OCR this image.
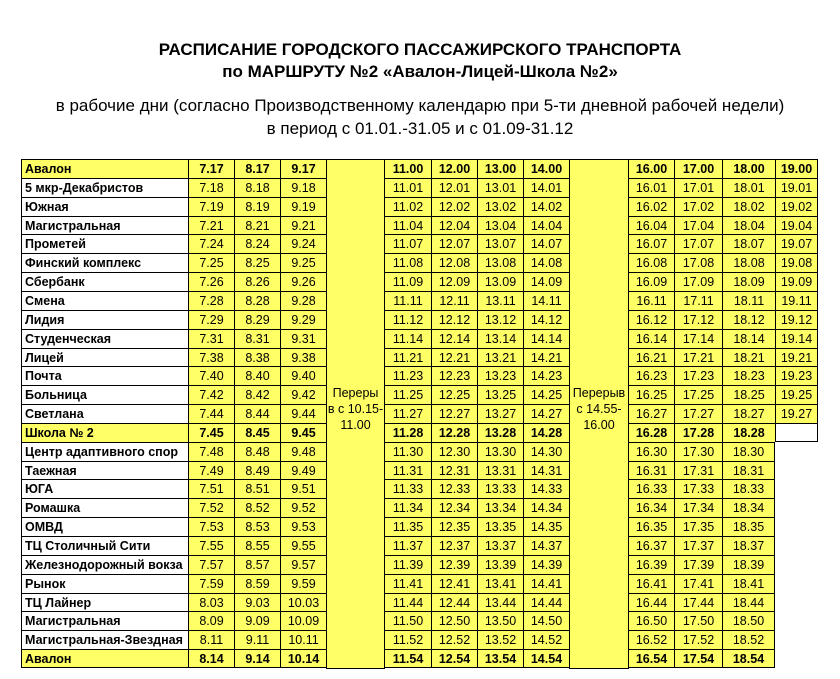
РАСПИСАНИЕ ГОРОДСКОГО ПАССАЖИРСКОГО ТРАНСПОРТА
по МАРШРУТУ №2 «Авалон-Лицей-Школа №2»
в рабочие дни (согласно Производственному календарю при 5-ти дневной рабочей недели)
в период с 01.01.-31.05 и с 01.09-31.12
Авалон	7.17	8.17	9.17	11.00	12.00	13.00	14.00	16.00	17.00	18.00	19.00
5 мкр-Декабристов	7.18	8.18	9.18	11.01	12.01	13.01	14.01	16.01	17.01	18.01	19.01
Южная	7.19	8.19	9.19	11.02	12.02	13.02	14.02	16.02	17.02	18.02	19.02
Магистральная	7.21	8.21	9.21	11.04	12.04	13.04	14.04	16.04	17.04	18.04	19.04
Прометей	7.24	8.24	9.24	11.07	12.07	13.07	14.07	16.07	17.07	18.07	19.07
Финский комплекс	7.25	8.25	9.25	11.08	12.08	13.08	14.08	16.08	17.08	18.08	19.08
Сбербанк	7.26	8.26	9.26	11.09	12.09	13.09	14.09	16.09	17.09	18.09	19.09
Смена	7.28	8.28	9.28	11.11	12.11	13.11	14.11	16.11	17.11	18.11	19.11
Лидия	7.29	8.29	9.29	11.12	12.12	13.12	14.12	16.12	17.12	18.12	19.12
Студенческая	7.31	8.31	9.31	11.14	12.14	13.14	14.14	16.14	17.14	18.14	19.14
Лицей	7.38	8.38	9.38	11.21	12.21	13.21	14.21	16.21	17.21	18.21	19.21
Почта	7.40	8.40	9.40	11.23	12.23	13.23	14.23	16.23	17.23	18.23	19.23
Больница	7.42	8.42	9.42	11.25	12.25	13.25	14.25	16.25	17.25	18.25	19.25
Светлана	7.44	8.44	9.44	11.27	12.27	13.27	14.27	16.27	17.27	18.27	19.27
Школа № 2	7.45	8.45	9.45	11.28	12.28	13.28	14.28	16.28	17.28	18.28
Центр адаптивного спор	7.48	8.48	9.48	11.30	12.30	13.30	14.30	16.30	17.30	18.30
Таежная	7.49	8.49	9.49	11.31	12.31	13.31	14.31	16.31	17.31	18.31
ЮГА	7.51	8.51	9.51	11.33	12.33	13.33	14.33	16.33	17.33	18.33
Ромашка	7.52	8.52	9.52	11.34	12.34	13.34	14.34	16.34	17.34	18.34
ОМВД	7.53	8.53	9.53	11.35	12.35	13.35	14.35	16.35	17.35	18.35
ТЦ Столичный Сити	7.55	8.55	9.55	11.37	12.37	13.37	14.37	16.37	17.37	18.37
Железнодорожный вокза	7.57	8.57	9.57	11.39	12.39	13.39	14.39	16.39	17.39	18.39
Рынок	7.59	8.59	9.59	11.41	12.41	13.41	14.41	16.41	17.41	18.41
ТЦ Лайнер	8.03	9.03	10.03	11.44	12.44	13.44	14.44	16.44	17.44	18.44
Магистральная	8.09	9.09	10.09	11.50	12.50	13.50	14.50	16.50	17.50	18.50
Магистральная-Звездная	8.11	9.11	10.11	11.52	12.52	13.52	14.52	16.52	17.52	18.52
Авалон	8.14	9.14	10.14	11.54	12.54	13.54	14.54	16.54	17.54	18.54
Переры
в с 10.15-
11.00
Перерыв
с 14.55-
16.00
